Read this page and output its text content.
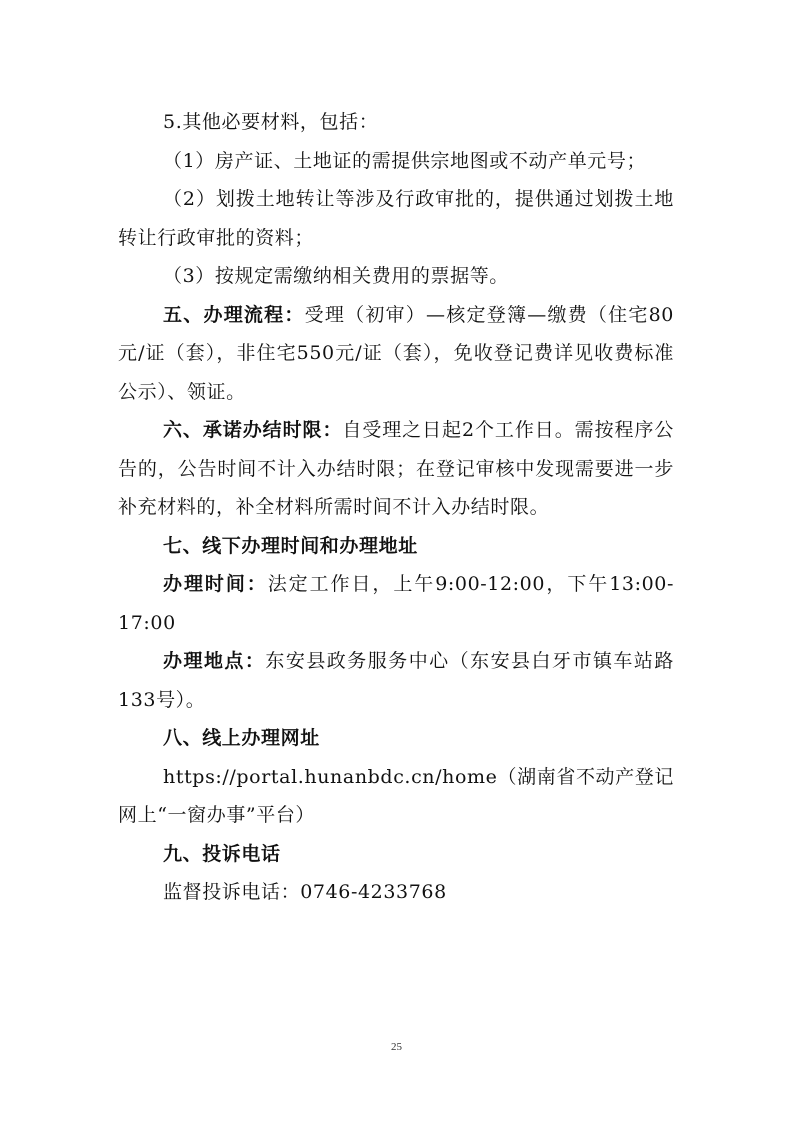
5.其他必要材料，包括：

（1）房产证、土地证的需提供宗地图或不动产单元号；

（2）划拨土地转让等涉及行政审批的，提供通过划拨土地转让行政审批的资料；

（3）按规定需缴纳相关费用的票据等。

五、办理流程：受理（初审）—核定登簿—缴费（住宅80元/证（套），非住宅550元/证（套），免收登记费详见收费标准公示）、领证。

六、承诺办结时限：自受理之日起2个工作日。需按程序公告的，公告时间不计入办结时限；在登记审核中发现需要进一步补充材料的，补全材料所需时间不计入办结时限。

七、线下办理时间和办理地址

办理时间：法定工作日，上午9:00-12:00，下午13:00-17:00

办理地点：东安县政务服务中心（东安县白牙市镇车站路133号）。

八、线上办理网址

https://portal.hunanbdc.cn/home（湖南省不动产登记网上“一窗办事”平台）

九、投诉电话

监督投诉电话：0746-4233768

25
